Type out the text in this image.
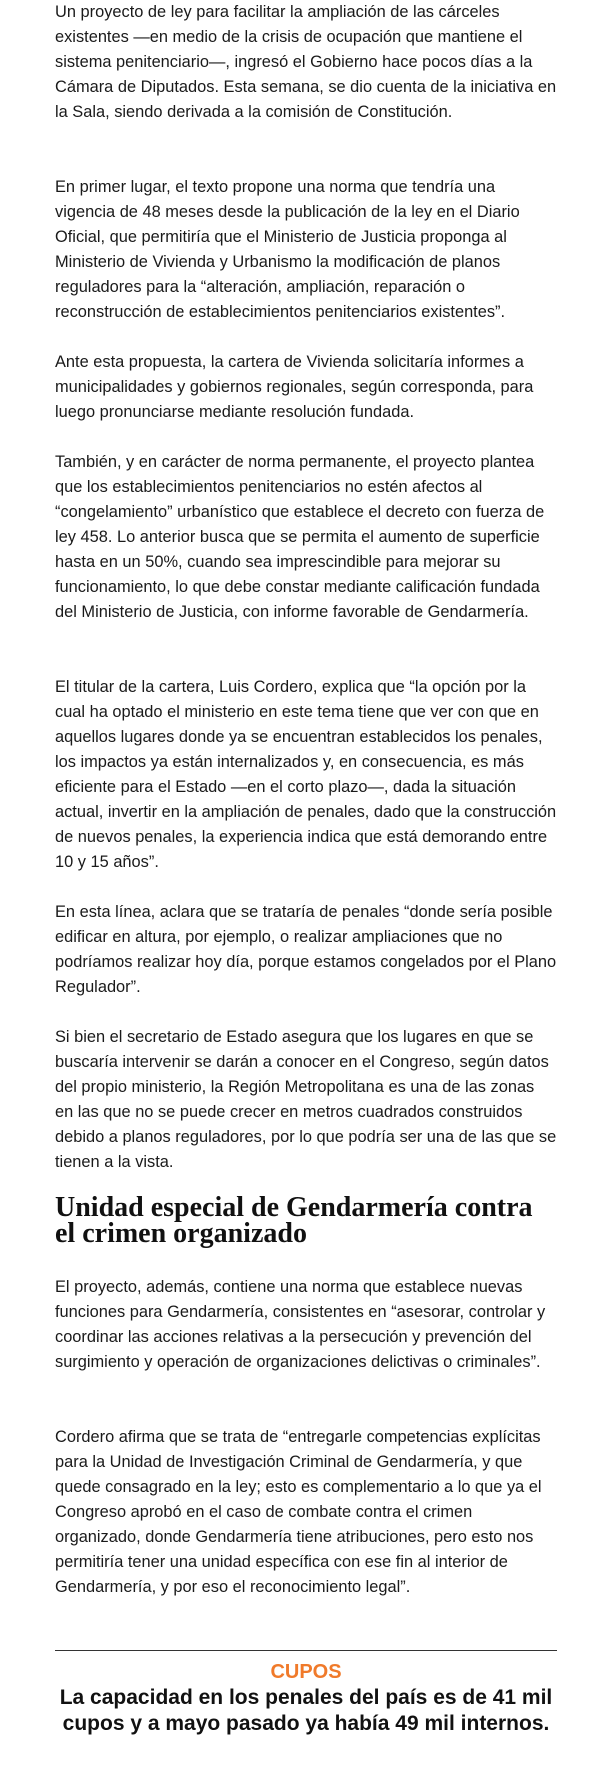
Un proyecto de ley para facilitar la ampliación de las cárceles existentes —en medio de la crisis de ocupación que mantiene el sistema penitenciario—, ingresó el Gobierno hace pocos días a la Cámara de Diputados. Esta semana, se dio cuenta de la iniciativa en la Sala, siendo derivada a la comisión de Constitución.

En primer lugar, el texto propone una norma que tendría una vigencia de 48 meses desde la publicación de la ley en el Diario Oficial, que permitiría que el Ministerio de Justicia proponga al Ministerio de Vivienda y Urbanismo la modificación de planos reguladores para la “alteración, ampliación, reparación o reconstrucción de establecimientos penitenciarios existentes”.

Ante esta propuesta, la cartera de Vivienda solicitaría informes a municipalidades y gobiernos regionales, según corresponda, para luego pronunciarse mediante resolución fundada.

También, y en carácter de norma permanente, el proyecto plantea que los establecimientos penitenciarios no estén afectos al “congelamiento” urbanístico que establece el decreto con fuerza de ley 458. Lo anterior busca que se permita el aumento de superficie hasta en un 50%, cuando sea imprescindible para mejorar su funcionamiento, lo que debe constar mediante calificación fundada del Ministerio de Justicia, con informe favorable de Gendarmería.

El titular de la cartera, Luis Cordero, explica que “la opción por la cual ha optado el ministerio en este tema tiene que ver con que en aquellos lugares donde ya se encuentran establecidos los penales, los impactos ya están internalizados y, en consecuencia, es más eficiente para el Estado —en el corto plazo—, dada la situación actual, invertir en la ampliación de penales, dado que la construcción de nuevos penales, la experiencia indica que está demorando entre 10 y 15 años”.

En esta línea, aclara que se trataría de penales “donde sería posible edificar en altura, por ejemplo, o realizar ampliaciones que no podríamos realizar hoy día, porque estamos congelados por el Plano Regulador”.

Si bien el secretario de Estado asegura que los lugares en que se buscaría intervenir se darán a conocer en el Congreso, según datos del propio ministerio, la Región Metropolitana es una de las zonas en las que no se puede crecer en metros cuadrados construidos debido a planos reguladores, por lo que podría ser una de las que se tienen a la vista.

Unidad especial de Gendarmería contra el crimen organizado

El proyecto, además, contiene una norma que establece nuevas funciones para Gendarmería, consistentes en “asesorar, controlar y coordinar las acciones relativas a la persecución y prevención del surgimiento y operación de organizaciones delictivas o criminales”.

Cordero afirma que se trata de “entregarle competencias explícitas para la Unidad de Investigación Criminal de Gendarmería, y que quede consagrado en la ley; esto es complementario a lo que ya el Congreso aprobó en el caso de combate contra el crimen organizado, donde Gendarmería tiene atribuciones, pero esto nos permitiría tener una unidad específica con ese fin al interior de Gendarmería, y por eso el reconocimiento legal”.

CUPOS
La capacidad en los penales del país es de 41 mil cupos y a mayo pasado ya había 49 mil internos.
